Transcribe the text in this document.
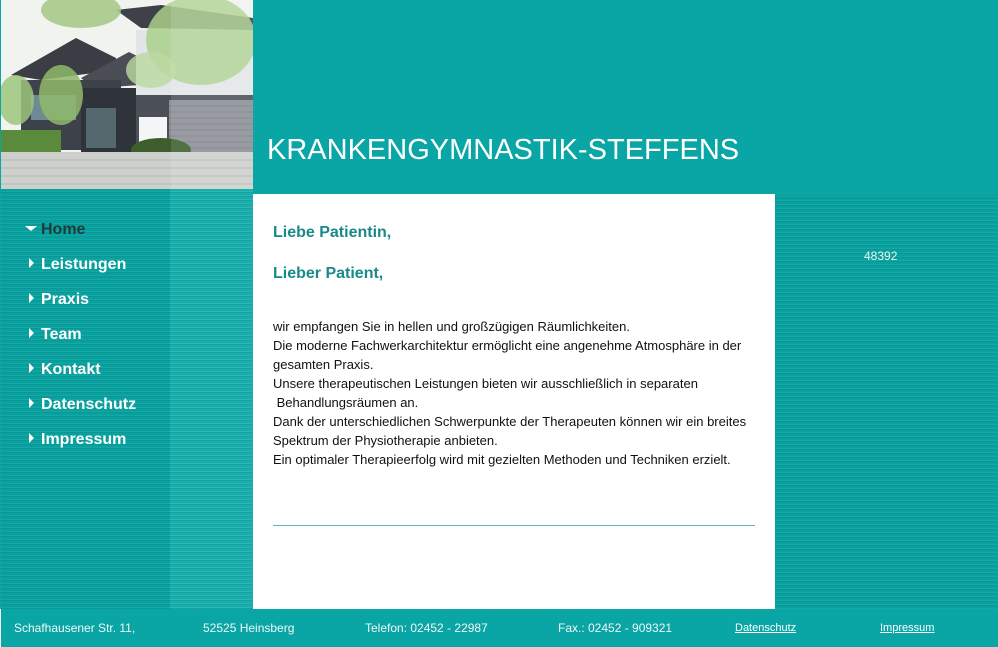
KRANKENGYMNASTIK-STEFFENS
Home
Leistungen
Praxis
Team
Kontakt
Datenschutz
Impressum
Liebe Patientin,
Lieber Patient,

wir empfangen Sie in hellen und großzügigen Räumlichkeiten.

Die moderne Fachwerkarchitektur ermöglicht eine angenehme Atmosphäre in der gesamten Praxis.

Unsere therapeutischen Leistungen bieten wir ausschließlich in separaten

Behandlungsräumen an.

Dank der unterschiedlichen Schwerpunkte der Therapeuten können wir ein breites Spektrum der Physiotherapie anbieten.

Ein optimaler Therapieerfolg wird mit gezielten Methoden und Techniken erzielt.

48392
Schafhausener Str. 11,	52525 Heinsberg	Telefon: 02452 - 22987	Fax.: 02452 - 909321	Datenschutz	Impressum
